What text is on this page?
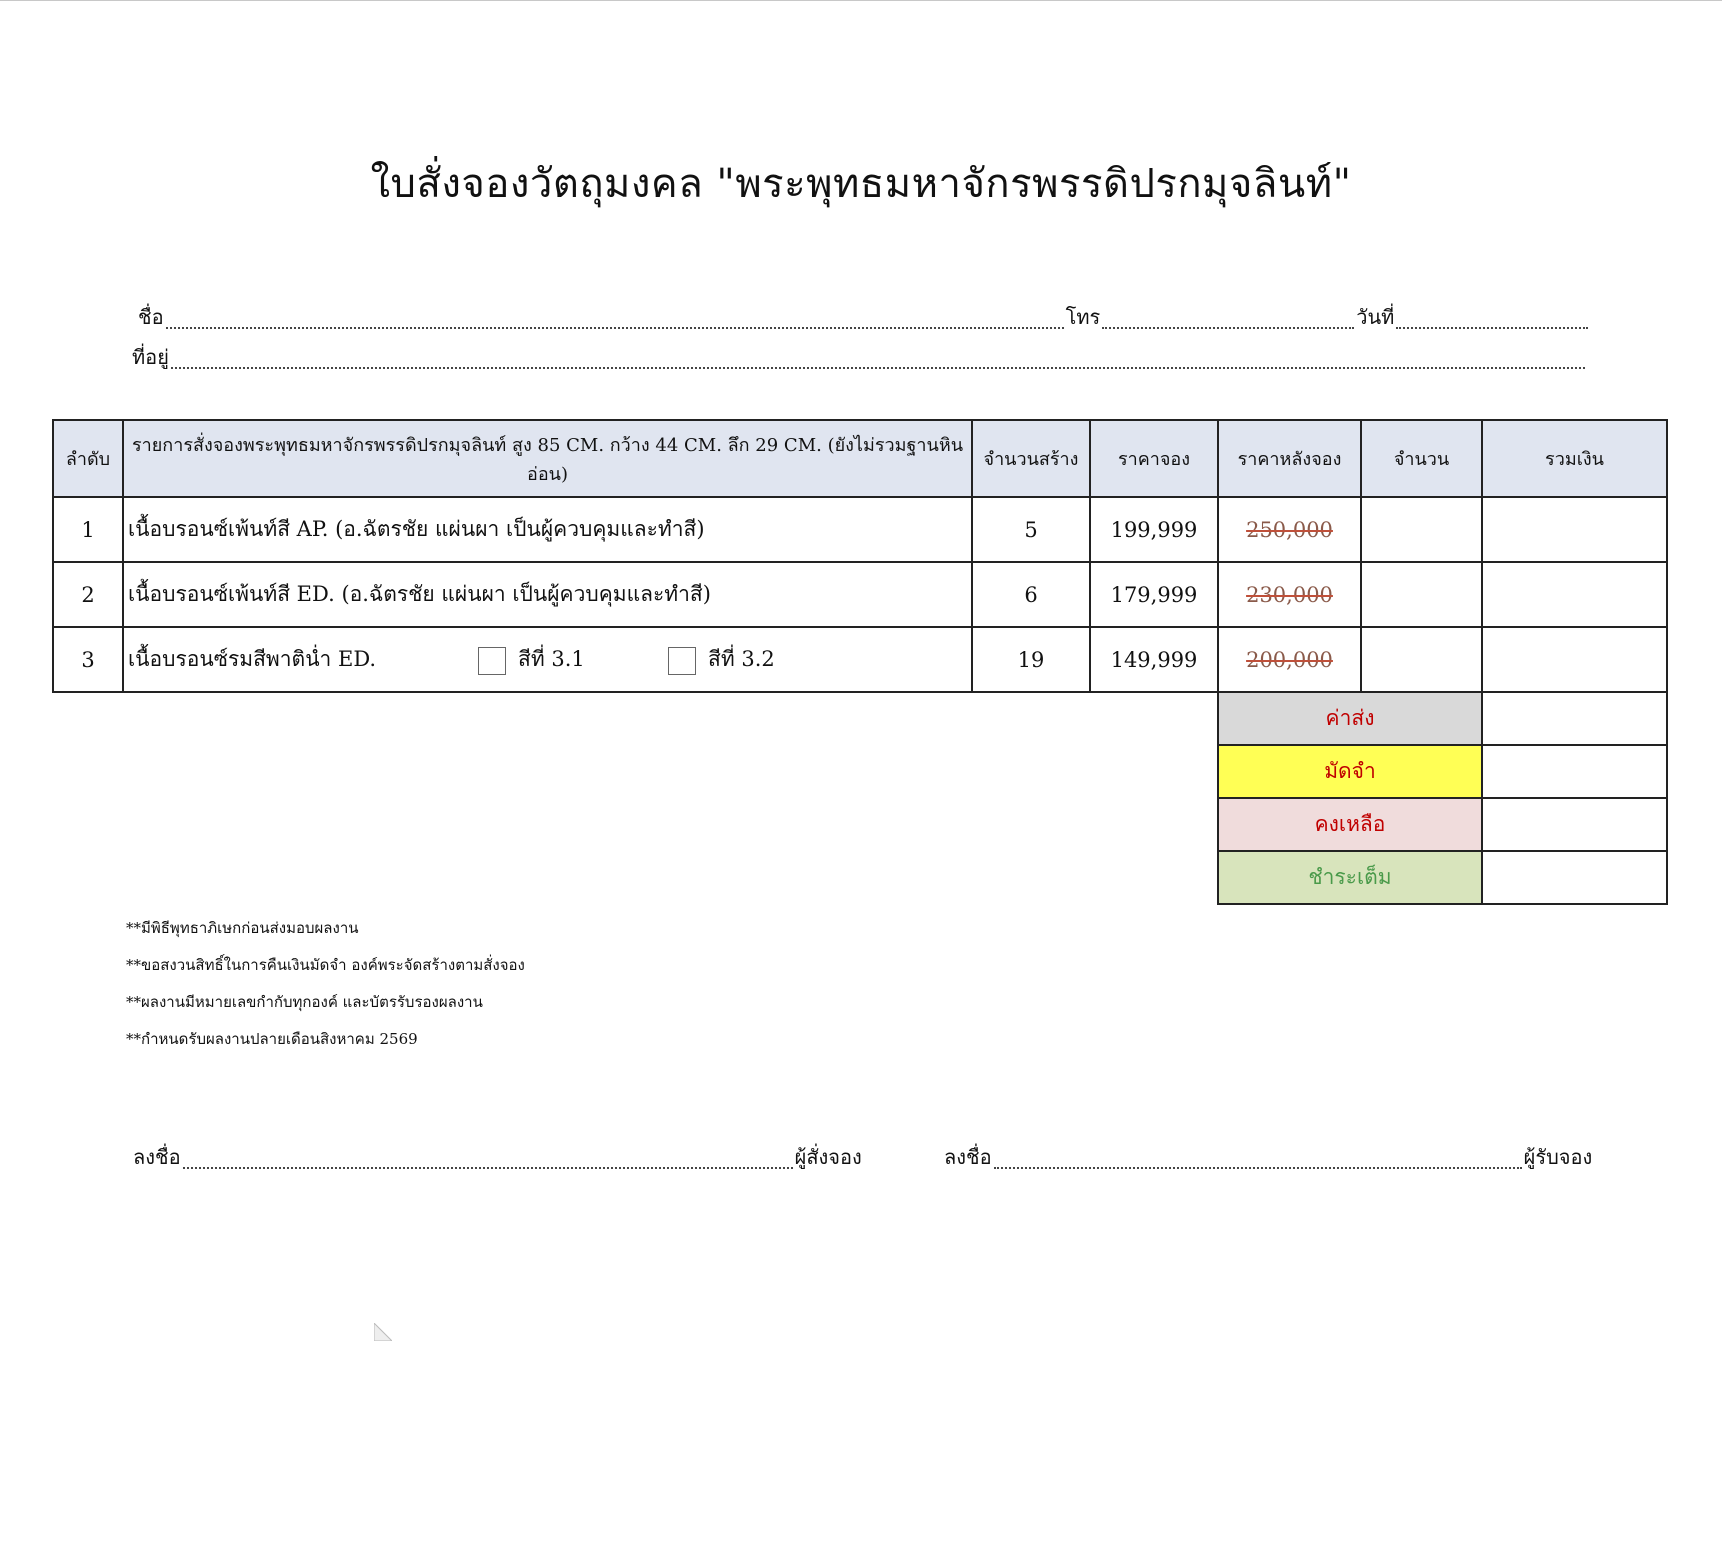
ใบสั่งจองวัตถุมงคล "พระพุทธมหาจักรพรรดิปรกมุจลินท์"
ชื่อ	โทร	วันที่
ที่อยู่
ลำดับ	รายการสั่งจองพระพุทธมหาจักรพรรดิปรกมุจลินท์ สูง 85 CM. กว้าง 44 CM. ลึก 29 CM. (ยังไม่รวมฐานหินอ่อน)	จำนวนสร้าง	ราคาจอง	ราคาหลังจอง	จำนวน	รวมเงิน
1	เนื้อบรอนซ์เพ้นท์สี AP. (อ.ฉัตรชัย แผ่นผา เป็นผู้ควบคุมและทำสี)	5	199,999	250,000		
2	เนื้อบรอนซ์เพ้นท์สี ED. (อ.ฉัตรชัย แผ่นผา เป็นผู้ควบคุมและทำสี)	6	179,999	230,000		
3	เนื้อบรอนซ์รมสีพาตินํ่า ED. สีที่ 3.1 สีที่ 3.2	19	149,999	200,000		
ค่าส่ง	
มัดจำ	
คงเหลือ	
ชำระเต็ม	
**มีพิธีพุทธาภิเษกก่อนส่งมอบผลงาน
**ขอสงวนสิทธิ์ในการคืนเงินมัดจำ องค์พระจัดสร้างตามสั่งจอง
**ผลงานมีหมายเลขกำกับทุกองค์ และบัตรรับรองผลงาน
**กำหนดรับผลงานปลายเดือนสิงหาคม 2569
ลงชื่อ	ผู้สั่งจอง	ลงชื่อ	ผู้รับจอง
